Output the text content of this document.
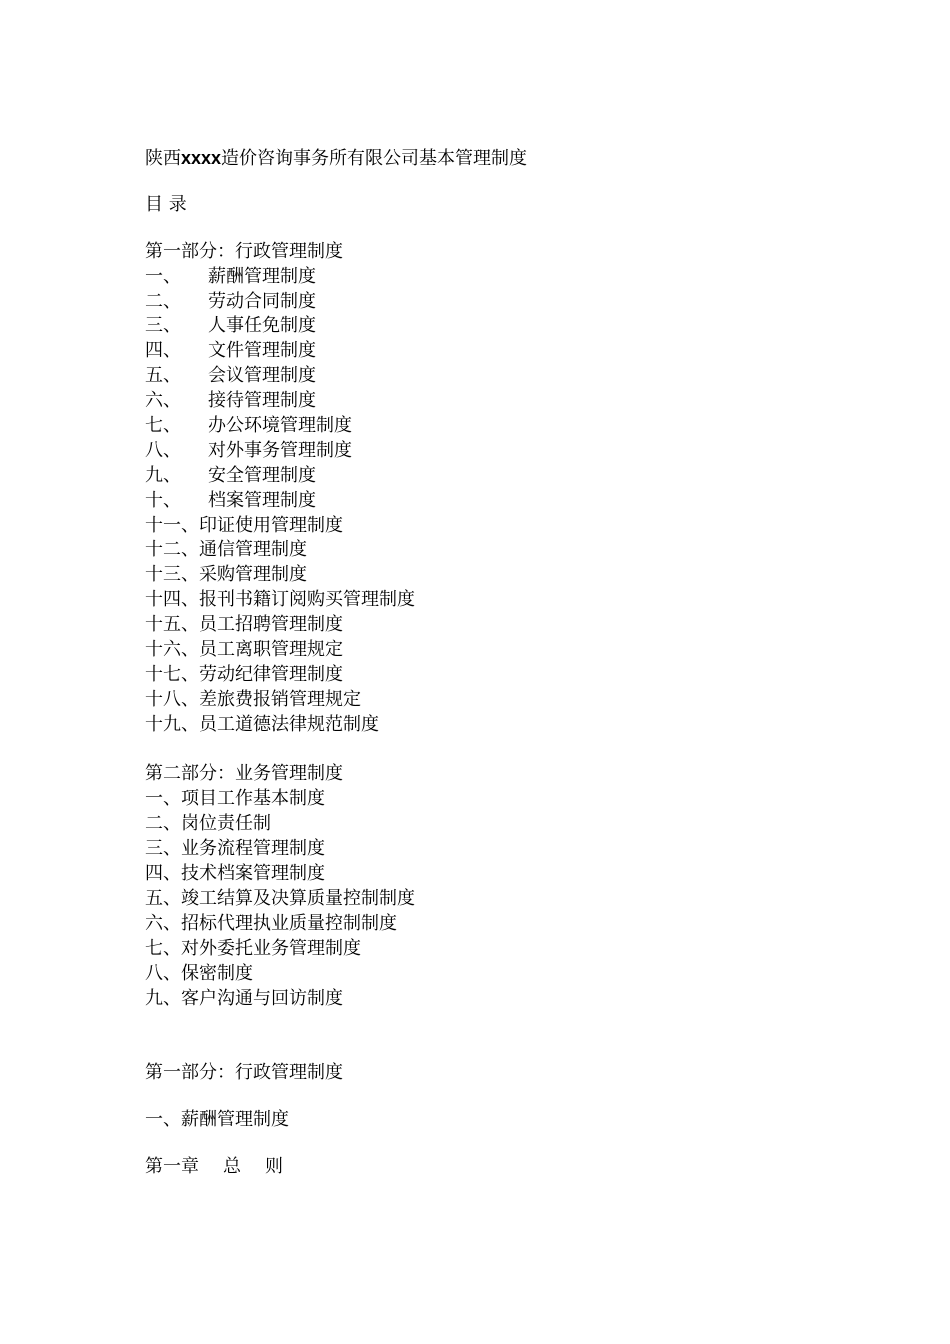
陕西xxxx造价咨询事务所有限公司基本管理制度
目 录
第一部分：行政管理制度
一、 薪酬管理制度
二、 劳动合同制度
三、 人事任免制度
四、 文件管理制度
五、 会议管理制度
六、 接待管理制度
七、 办公环境管理制度
八、 对外事务管理制度
九、 安全管理制度
十、 档案管理制度
十一、印证使用管理制度
十二、通信管理制度
十三、采购管理制度
十四、报刊书籍订阅购买管理制度
十五、员工招聘管理制度
十六、员工离职管理规定
十七、劳动纪律管理制度
十八、差旅费报销管理规定
十九、员工道德法律规范制度
第二部分：业务管理制度
一、项目工作基本制度
二、岗位责任制
三、业务流程管理制度
四、技术档案管理制度
五、竣工结算及决算质量控制制度
六、招标代理执业质量控制制度
七、对外委托业务管理制度
八、保密制度
九、客户沟通与回访制度
第一部分：行政管理制度
一、薪酬管理制度
第一章 总 则
